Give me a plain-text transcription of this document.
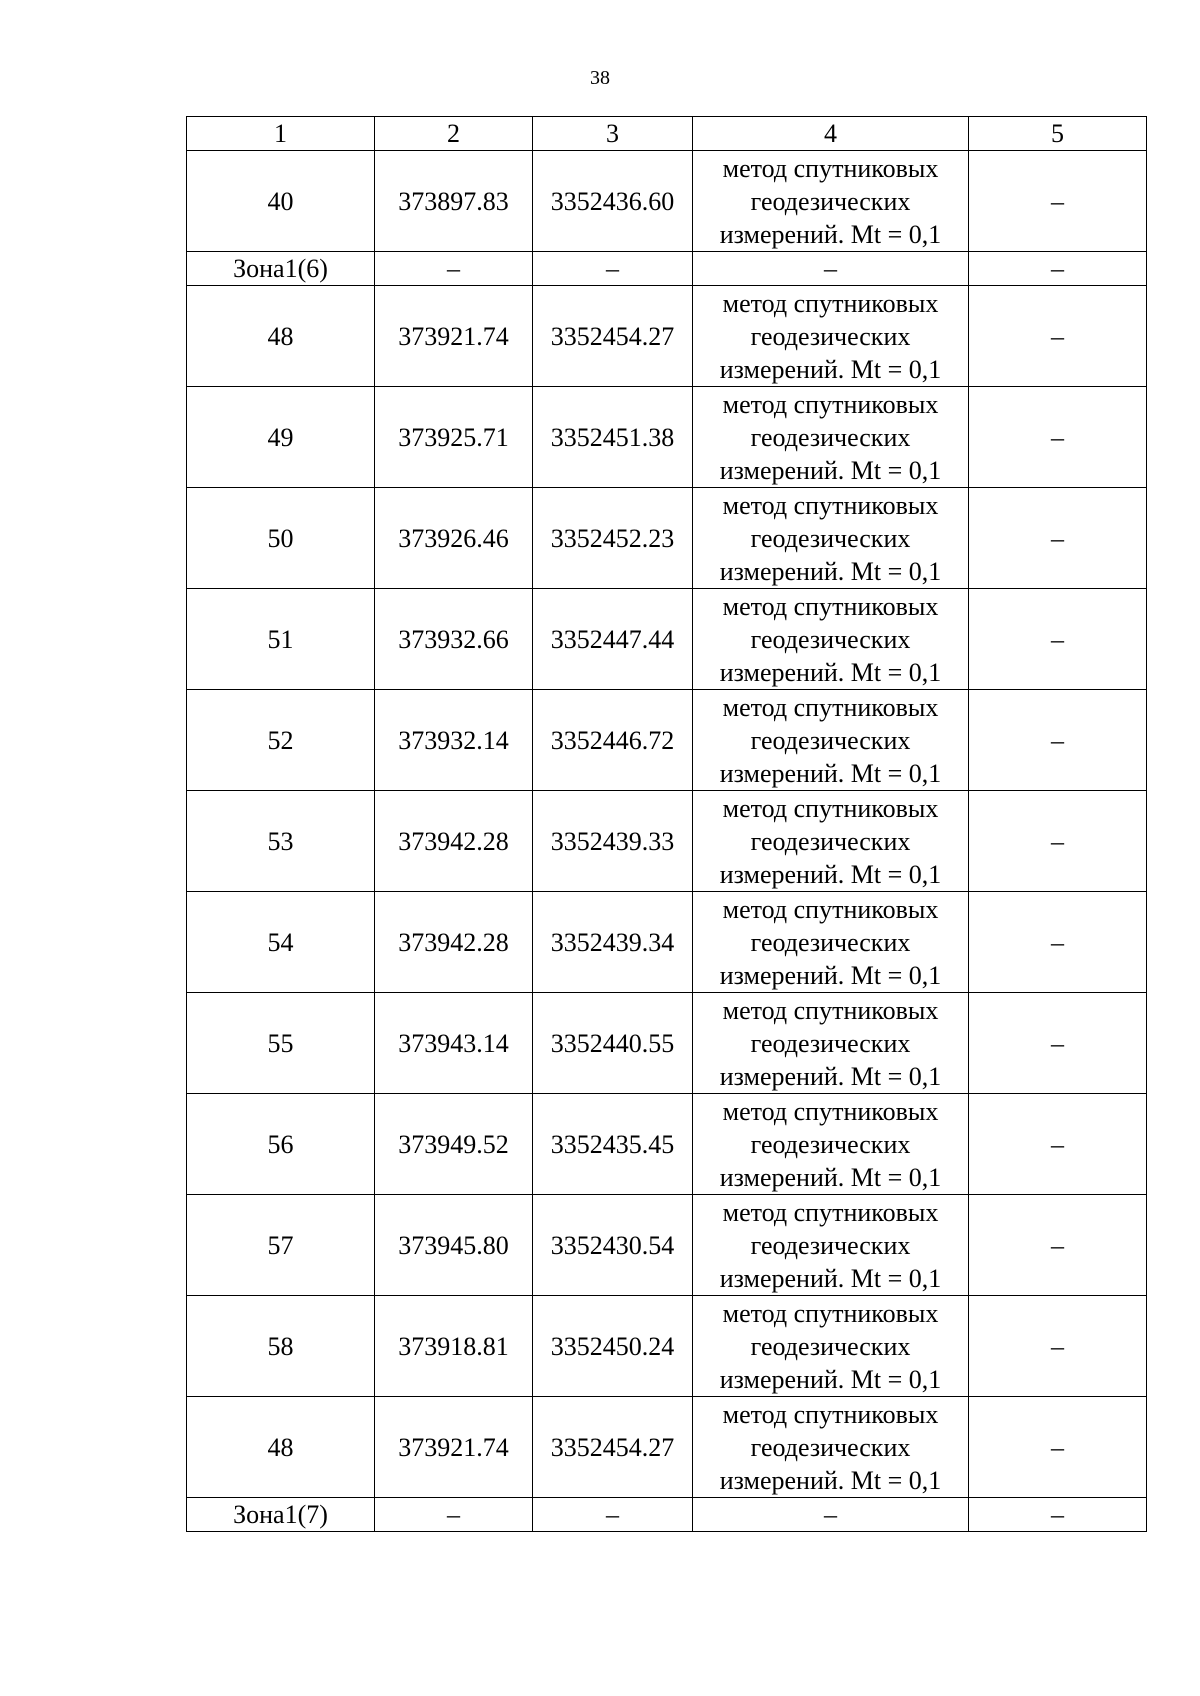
38
1	2	3	4	5
40	373897.83	3352436.60	метод спутниковых геодезических измерений. Mt = 0,1	–
Зона1(6)	–	–	–	–
48	373921.74	3352454.27	метод спутниковых геодезических измерений. Mt = 0,1	–
49	373925.71	3352451.38	метод спутниковых геодезических измерений. Mt = 0,1	–
50	373926.46	3352452.23	метод спутниковых геодезических измерений. Mt = 0,1	–
51	373932.66	3352447.44	метод спутниковых геодезических измерений. Mt = 0,1	–
52	373932.14	3352446.72	метод спутниковых геодезических измерений. Mt = 0,1	–
53	373942.28	3352439.33	метод спутниковых геодезических измерений. Mt = 0,1	–
54	373942.28	3352439.34	метод спутниковых геодезических измерений. Mt = 0,1	–
55	373943.14	3352440.55	метод спутниковых геодезических измерений. Mt = 0,1	–
56	373949.52	3352435.45	метод спутниковых геодезических измерений. Mt = 0,1	–
57	373945.80	3352430.54	метод спутниковых геодезических измерений. Mt = 0,1	–
58	373918.81	3352450.24	метод спутниковых геодезических измерений. Mt = 0,1	–
48	373921.74	3352454.27	метод спутниковых геодезических измерений. Mt = 0,1	–
Зона1(7)	–	–	–	–
